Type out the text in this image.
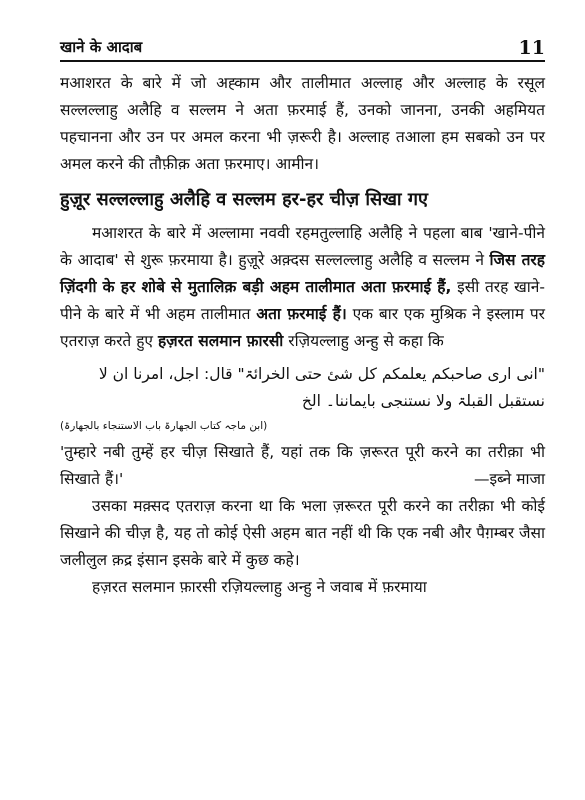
खाने के आदाब	11

मआशरत के बारे में जो अह्काम और तालीमात अल्लाह और अल्लाह के रसूल सल्लल्लाहु अलैहि व सल्लम ने अता फ़रमाई हैं, उनको जानना, उनकी अहमियत पहचानना और उन पर अमल करना भी ज़रूरी है। अल्लाह तआला हम सबको उन पर अमल करने की तौफ़ीक़ अता फ़रमाए। आमीन।

हुज़ूर सल्लल्लाहु अलैहि व सल्लम हर-हर चीज़ सिखा गए

मआशरत के बारे में अल्लामा नववी रहमतुल्लाहि अलैहि ने पहला बाब 'खाने-पीने के आदाब' से शुरू फ़रमाया है। हुज़ूरे अक़्दस सल्लल्लाहु अलैहि व सल्लम ने जिस तरह ज़िंदगी के हर शोबे से मुतालिक़ बड़ी अहम तालीमात अता फ़रमाई हैं, इसी तरह खाने-पीने के बारे में भी अहम तालीमात अता फ़रमाई हैं। एक बार एक मुश्रिक ने इस्लाम पर एतराज़ करते हुए हज़रत सलमान फ़ारसी रज़ियल्लाहु अन्हु से कहा कि

"انی اری صاحبکم یعلمکم کل شئ حتی الخرائۃ" قال: اجل، امرنا ان لا نستقبل القبلۃ ولا نستنجی بایماننا۔ الخ

(ابن ماجہ کتاب الجھارۃ باب الاستنجاء بالجھارۃ)

'तुम्हारे नबी तुम्हें हर चीज़ सिखाते हैं, यहां तक कि ज़रूरत पूरी करने का तरीक़ा भी सिखाते हैं।'	—इब्ने माजा

उसका मक़्सद एतराज़ करना था कि भला ज़रूरत पूरी करने का तरीक़ा भी कोई सिखाने की चीज़ है, यह तो कोई ऐसी अहम बात नहीं थी कि एक नबी और पैग़म्बर जैसा जलीलुल क़द्र इंसान इसके बारे में कुछ कहे।

हज़रत सलमान फ़ारसी रज़ियल्लाहु अन्हु ने जवाब में फ़रमाया
